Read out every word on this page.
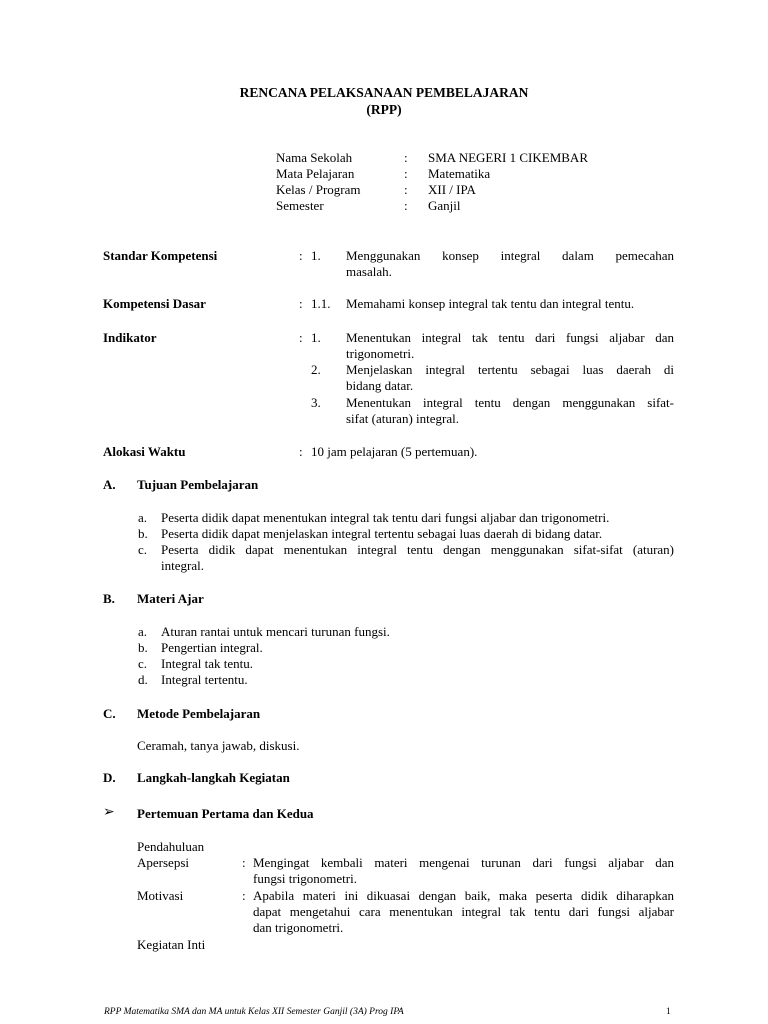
RENCANA PELAKSANAAN PEMBELAJARAN
(RPP)
Nama Sekolah	: SMA NEGERI 1 CIKEMBAR
Mata Pelajaran	: Matematika
Kelas / Program	: XII / IPA
Semester	: Ganjil
Standar Kompetensi	: 1. Menggunakan konsep integral dalam pemecahan
masalah.
Kompetensi Dasar	: 1.1. Memahami konsep integral tak tentu dan integral tentu.
Indikator	: 1. Menentukan integral tak tentu dari fungsi aljabar dan
trigonometri.
2. Menjelaskan integral tertentu sebagai luas daerah di
bidang datar.
3. Menentukan integral tentu dengan menggunakan sifat-
sifat (aturan) integral.
Alokasi Waktu	: 10 jam pelajaran (5 pertemuan).
A. Tujuan Pembelajaran
a. Peserta didik dapat menentukan integral tak tentu dari fungsi aljabar dan trigonometri.
b. Peserta didik dapat menjelaskan integral tertentu sebagai luas daerah di bidang datar.
c. Peserta didik dapat menentukan integral tentu dengan menggunakan sifat-sifat (aturan)
integral.
B. Materi Ajar
a. Aturan rantai untuk mencari turunan fungsi.
b. Pengertian integral.
c. Integral tak tentu.
d. Integral tertentu.
C. Metode Pembelajaran
Ceramah, tanya jawab, diskusi.
D. Langkah-langkah Kegiatan
➢ Pertemuan Pertama dan Kedua
Pendahuluan
Apersepsi	: Mengingat kembali materi mengenai turunan dari fungsi aljabar dan
fungsi trigonometri.
Motivasi	: Apabila materi ini dikuasai dengan baik, maka peserta didik diharapkan
dapat mengetahui cara menentukan integral tak tentu dari fungsi aljabar
dan trigonometri.
Kegiatan Inti
RPP Matematika SMA dan MA untuk Kelas XII Semester Ganjil (3A) Prog IPA	1
